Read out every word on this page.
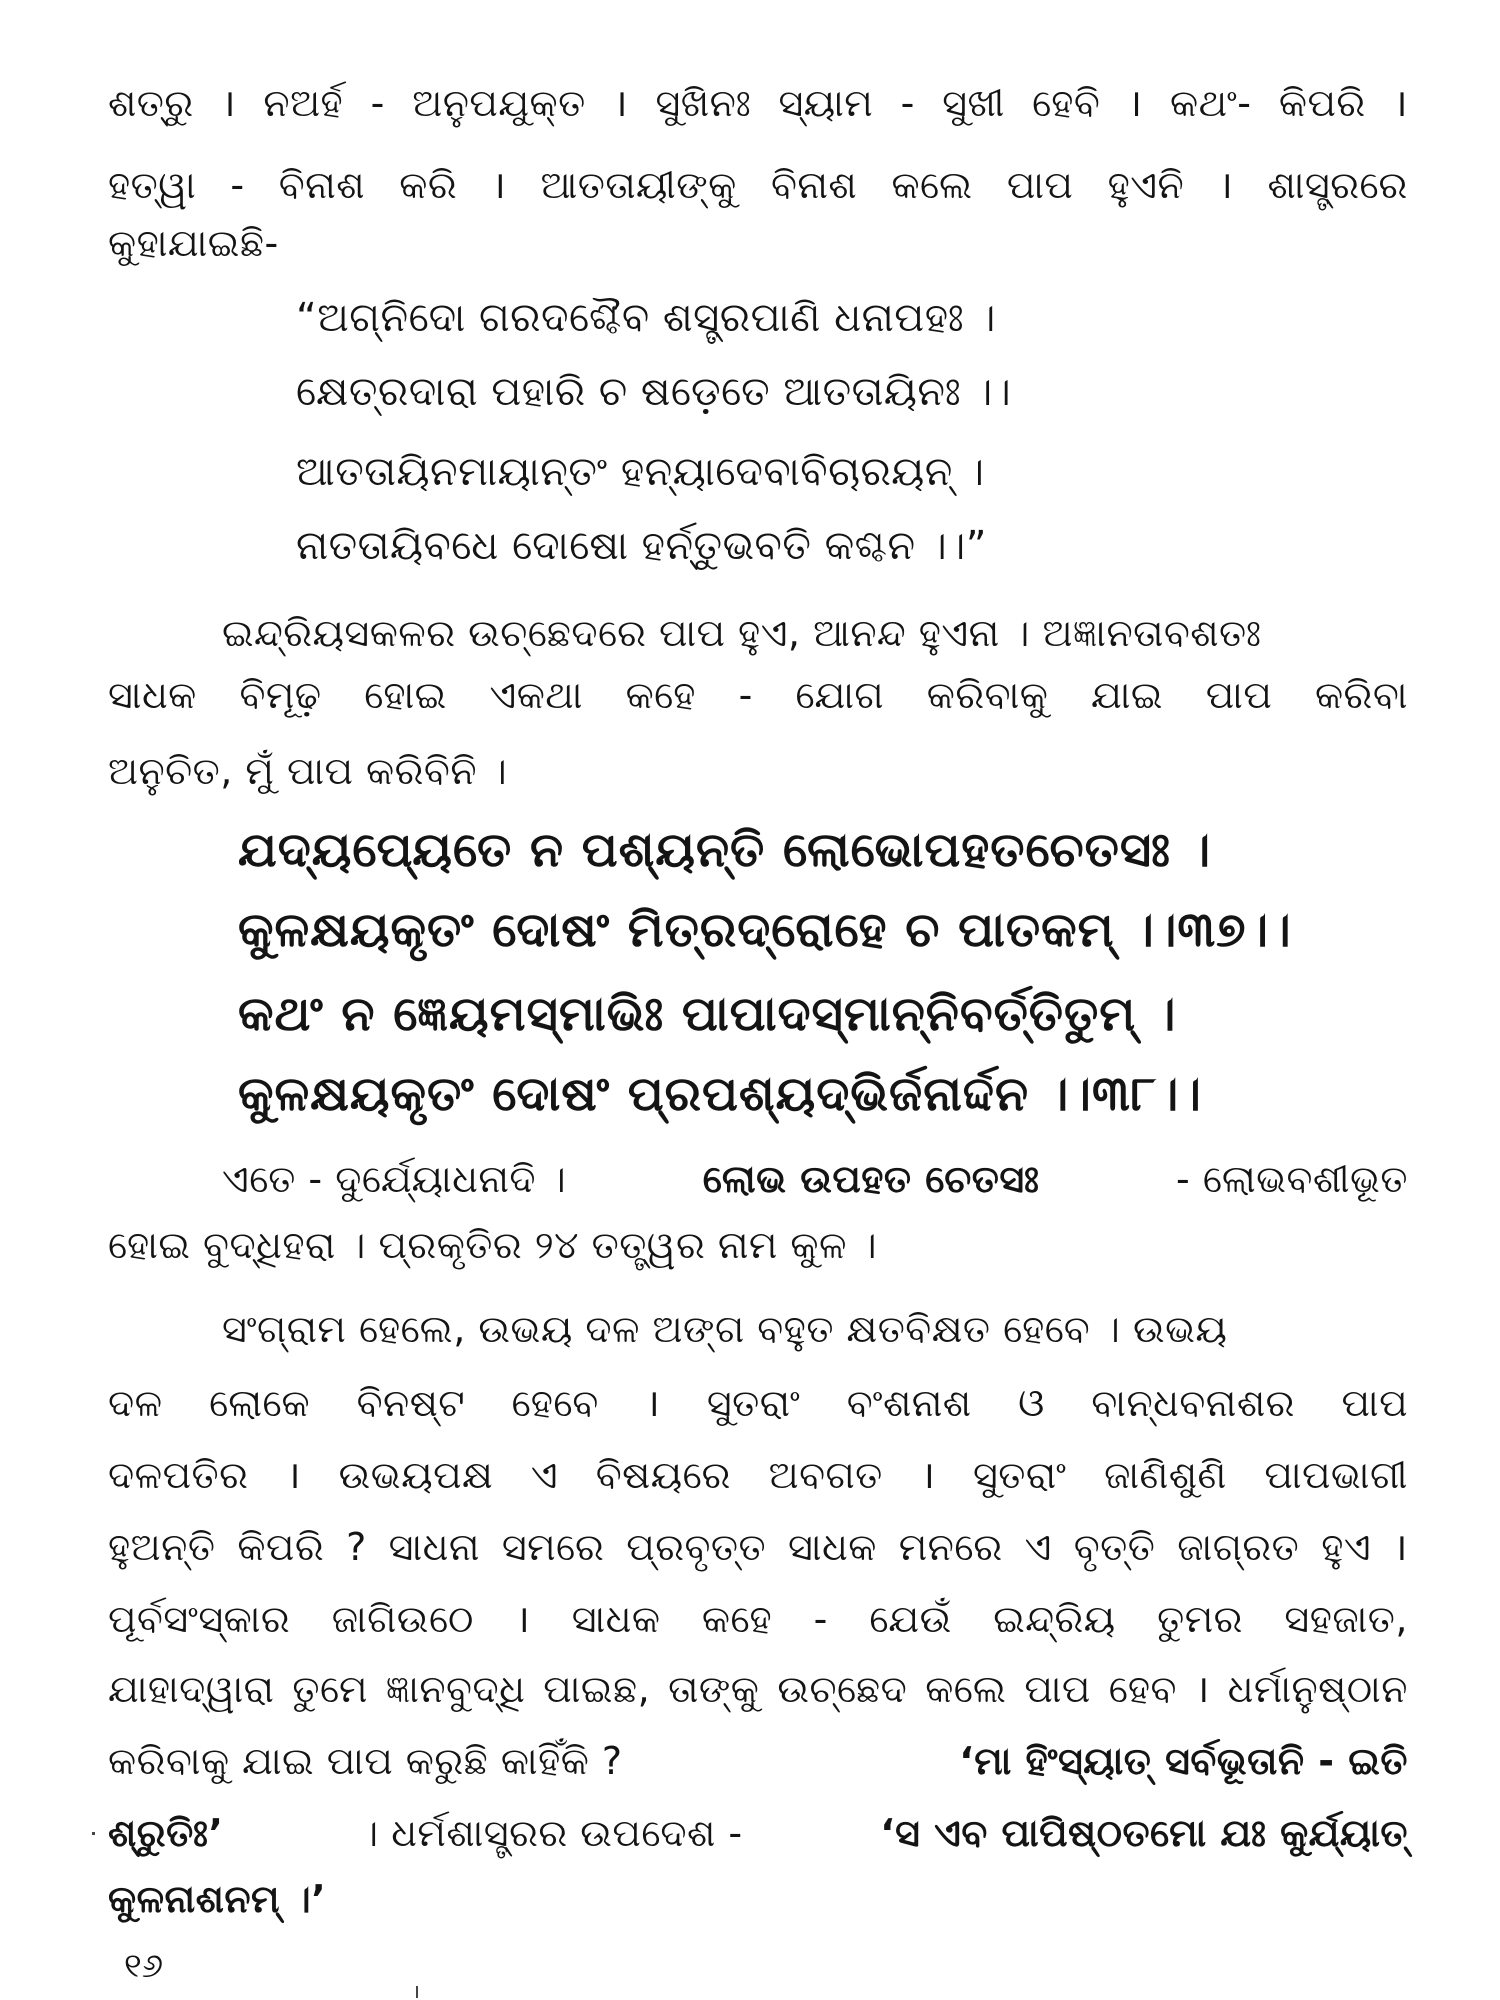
ଶତ୍ରୁ । ନଅର୍ହ - ଅନୁପଯୁକ୍ତ । ସୁଖିନଃ ସ୍ୟାମ - ସୁଖୀ ହେବି । କଥଂ- କିପରି ।
ହତ୍ୱା - ବିନାଶ କରି । ଆତତାୟୀଙ୍କୁ ବିନାଶ କଲେ ପାପ ହୁଏନି । ଶାସ୍ତ୍ରରେ
କୁହାଯାଇଛି-
“ଅଗ୍ନିଦୋ ଗରଦଶ୍ଚୈବ ଶସ୍ତ୍ରପାଣି ଧନାପହଃ ।
କ୍ଷେତ୍ରଦାରା ପହାରି ଚ ଷଡ଼େତେ ଆତତାୟିନଃ ।।
ଆତତାୟିନମାୟାନ୍ତଂ ହନ୍ୟାଦେବାବିଚାରୟନ୍ ।
ନାତତାୟିବଧେ ଦୋଷୋ ହର୍ନ୍ତୁଭବତି କଶ୍ଚନ ।।”
ଇନ୍ଦ୍ରିୟସକଳର ଉଚ୍ଛେଦରେ ପାପ ହୁଏ, ଆନନ୍ଦ ହୁଏନା । ଅଜ୍ଞାନତାବଶତଃ
ସାଧକ ବିମୂଢ଼ ହୋଇ ଏକଥା କହେ - ଯୋଗ କରିବାକୁ ଯାଇ ପାପ କରିବା
ଅନୁଚିତ, ମୁଁ ପାପ କରିବିନି ।
ଯଦ୍ୟପ୍ୟେତେ ନ ପଶ୍ୟନ୍ତି ଲୋଭୋପହତଚେତସଃ ।
କୁଳକ୍ଷୟକୃତଂ ଦୋଷଂ ମିତ୍ରଦ୍ରୋହେ ଚ ପାତକମ୍ ।।୩୭।।
କଥଂ ନ ଜ୍ଞେୟମସ୍ମାଭିଃ ପାପାଦସ୍ମାନ୍ନିବର୍ତ୍ତିତୁମ୍ ।
କୁଳକ୍ଷୟକୃତଂ ଦୋଷଂ ପ୍ରପଶ୍ୟଦ୍ଭିର୍ଜନାର୍ଦ୍ଦନ ।।୩୮।।
ଏତେ - ଦୁର୍ଯ୍ୟୋଧନାଦି ।	ଲୋଭ ଉପହତ ଚେତସଃ	- ଲୋଭବଶୀଭୂତ
ହୋଇ ବୁଦ୍ଧିହରା । ପ୍ରକୃତିର ୨୪ ତତ୍ତ୍ୱର ନାମ କୁଳ ।
ସଂଗ୍ରାମ ହେଲେ, ଉଭୟ ଦଳ ଅଙ୍ଗ ବହୁତ କ୍ଷତବିକ୍ଷତ ହେବେ । ଉଭୟ
ଦଳ ଲୋକେ ବିନଷ୍ଟ ହେବେ । ସୁତରାଂ ବଂଶନାଶ ଓ ବାନ୍ଧବନାଶର ପାପ
ଦଳପତିର । ଉଭୟପକ୍ଷ ଏ ବିଷୟରେ ଅବଗତ । ସୁତରାଂ ଜାଣିଶୁଣି ପାପଭାଗୀ
ହୁଅନ୍ତି କିପରି ? ସାଧନା ସମରେ ପ୍ରବୃତ୍ତ ସାଧକ ମନରେ ଏ ବୃତ୍ତି ଜାଗ୍ରତ ହୁଏ ।
ପୂର୍ବସଂସ୍କାର ଜାଗିଉଠେ । ସାଧକ କହେ - ଯେଉଁ ଇନ୍ଦ୍ରିୟ ତୁମର ସହଜାତ,
ଯାହାଦ୍ୱାରା ତୁମେ ଜ୍ଞାନବୁଦ୍ଧି ପାଇଛ, ତାଙ୍କୁ ଉଚ୍ଛେଦ କଲେ ପାପ ହେବ । ଧର୍ମାନୁଷ୍ଠାନ
କରିବାକୁ ଯାଇ ପାପ କରୁଛି କାହିଁକି ?	‘ମା ହିଂସ୍ୟାତ୍ ସର୍ବଭୂତାନି - ଇତି
ଶ୍ରୁତିଃ’	। ଧର୍ମଶାସ୍ତ୍ରର ଉପଦେଶ -	‘ସ ଏବ ପାପିଷ୍ଠତମୋ ଯଃ କୁର୍ଯ୍ୟାତ୍
କୁଳନାଶନମ୍ ।’
୧୬
